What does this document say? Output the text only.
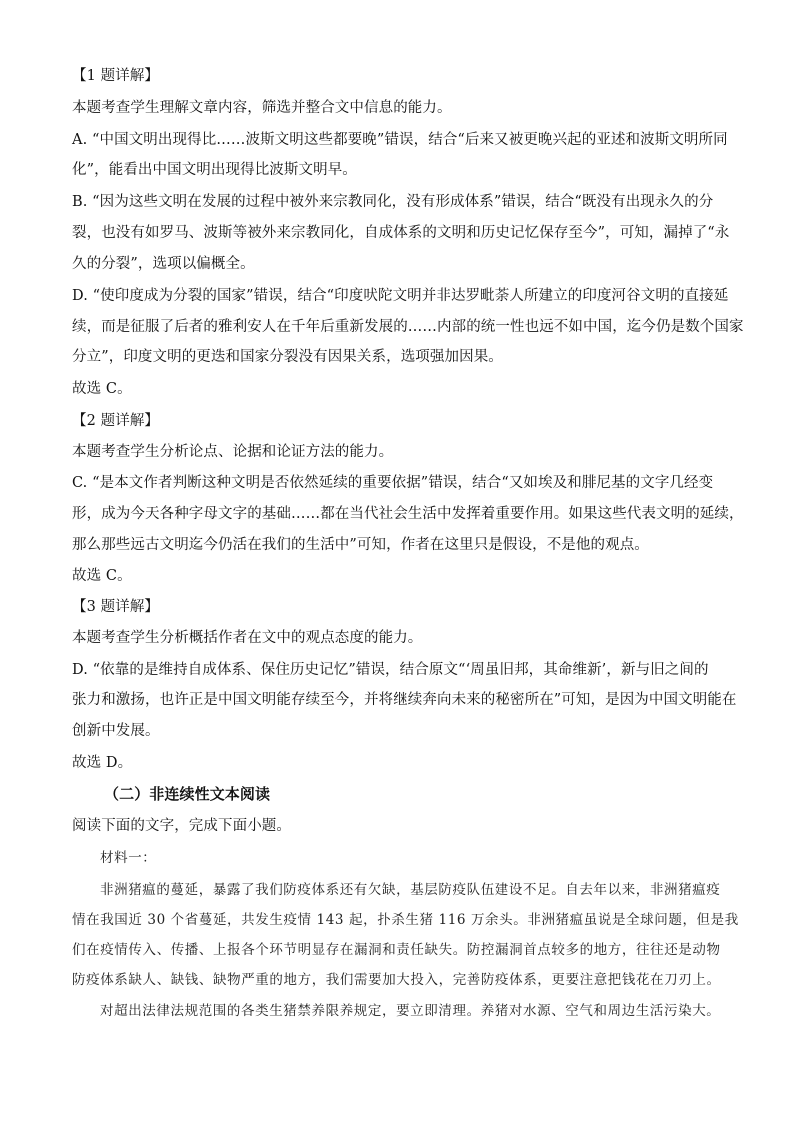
【1 题详解】
本题考查学生理解文章内容，筛选并整合文中信息的能力。
A. “中国文明出现得比……波斯文明这些都要晚”错误，结合“后来又被更晚兴起的亚述和波斯文明所同
化”，能看出中国文明出现得比波斯文明早。
B. “因为这些文明在发展的过程中被外来宗教同化，没有形成体系”错误，结合“既没有出现永久的分
裂，也没有如罗马、波斯等被外来宗教同化，自成体系的文明和历史记忆保存至今”，可知，漏掉了“永
久的分裂”，选项以偏概全。
D. “使印度成为分裂的国家”错误，结合“印度吠陀文明并非达罗毗荼人所建立的印度河谷文明的直接延
续，而是征服了后者的雅利安人在千年后重新发展的……内部的统一性也远不如中国，迄今仍是数个国家
分立”，印度文明的更迭和国家分裂没有因果关系，选项强加因果。
故选 C。
【2 题详解】
本题考查学生分析论点、论据和论证方法的能力。
C. “是本文作者判断这种文明是否依然延续的重要依据”错误，结合“又如埃及和腓尼基的文字几经变
形，成为今天各种字母文字的基础……都在当代社会生活中发挥着重要作用。如果这些代表文明的延续，
那么那些远古文明迄今仍活在我们的生活中”可知，作者在这里只是假设，不是他的观点。
故选 C。
【3 题详解】
本题考查学生分析概括作者在文中的观点态度的能力。
D. “依靠的是维持自成体系、保住历史记忆”错误，结合原文“‘周虽旧邦，其命维新’，新与旧之间的
张力和激扬，也许正是中国文明能存续至今，并将继续奔向未来的秘密所在”可知，是因为中国文明能在
创新中发展。
故选 D。
（二）非连续性文本阅读
阅读下面的文字，完成下面小题。
材料一：
非洲猪瘟的蔓延，暴露了我们防疫体系还有欠缺，基层防疫队伍建设不足。自去年以来，非洲猪瘟疫
情在我国近 30 个省蔓延，共发生疫情 143 起，扑杀生猪 116 万余头。非洲猪瘟虽说是全球问题，但是我
们在疫情传入、传播、上报各个环节明显存在漏洞和责任缺失。防控漏洞首点较多的地方，往往还是动物
防疫体系缺人、缺钱、缺物严重的地方，我们需要加大投入，完善防疫体系，更要注意把钱花在刀刃上。
对超出法律法规范围的各类生猪禁养限养规定，要立即清理。养猪对水源、空气和周边生活污染大。
